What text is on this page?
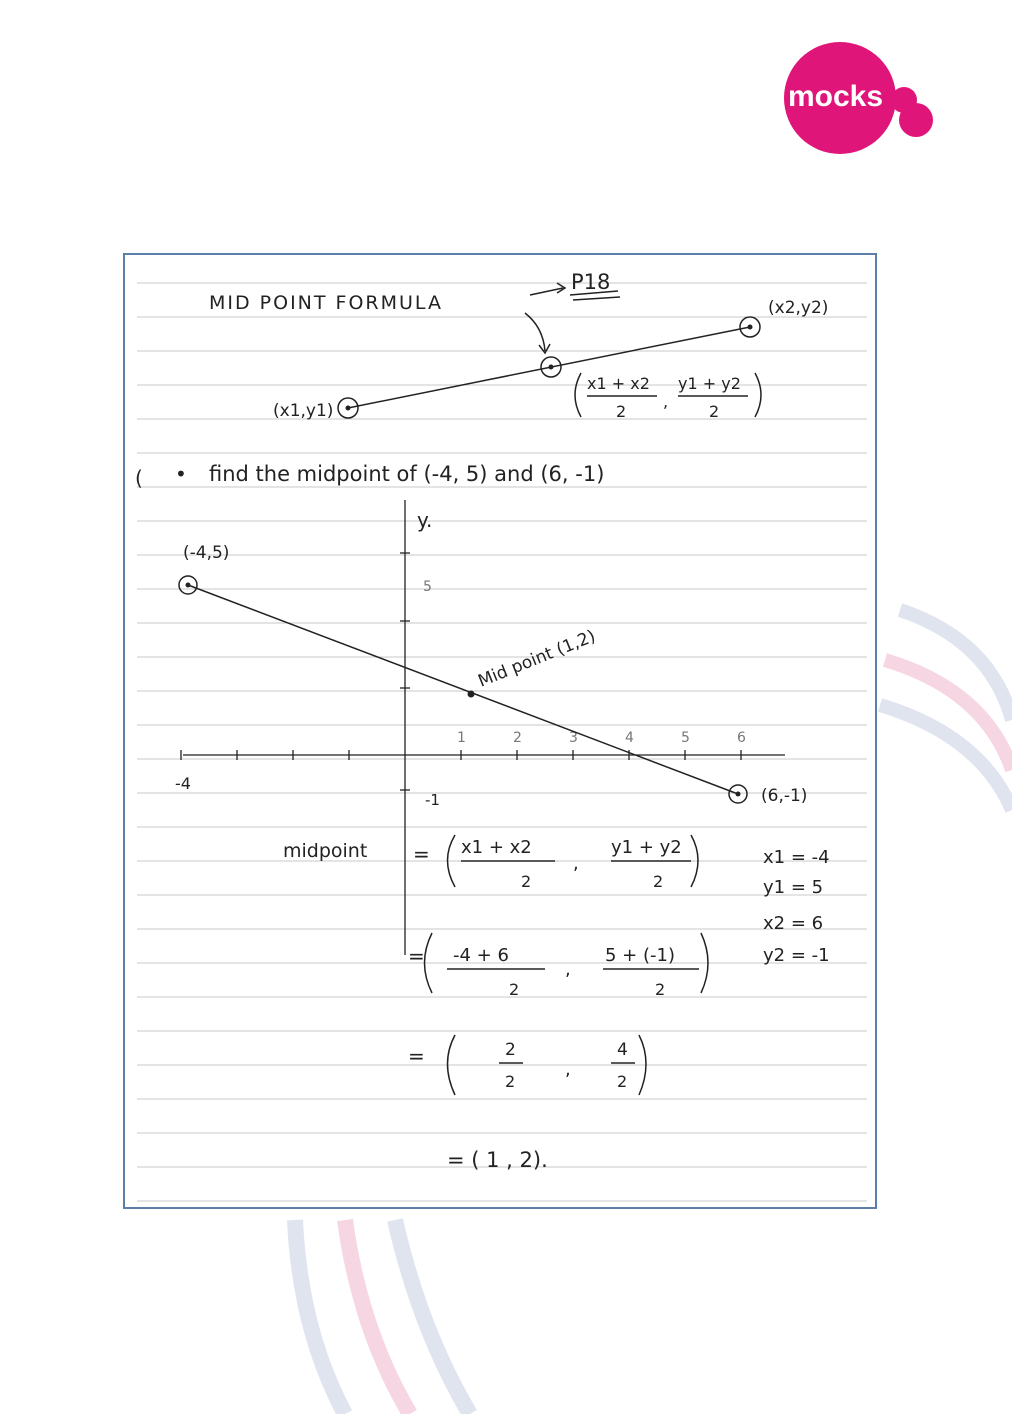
mocks
.ie
MID POINT FORMULA
P18
(x1,y1)
(x2,y2)
x1 + x2
2
,
y1 + y2
2
( • find the midpoint of (-4, 5) and (6, -1)
1	2	3	4	5	6
y.
5
-1
-4
(-4,5)
(6,-1)
Mid point (1,2)
midpoint = x1 + x2
2
,
y1 + y2
2
= -4 + 6
2
,
5 + (-1)
2
=	2
2
,
4
2
= ( 1 , 2).
x1 = -4
y1 = 5
x2 = 6
y2 = -1
